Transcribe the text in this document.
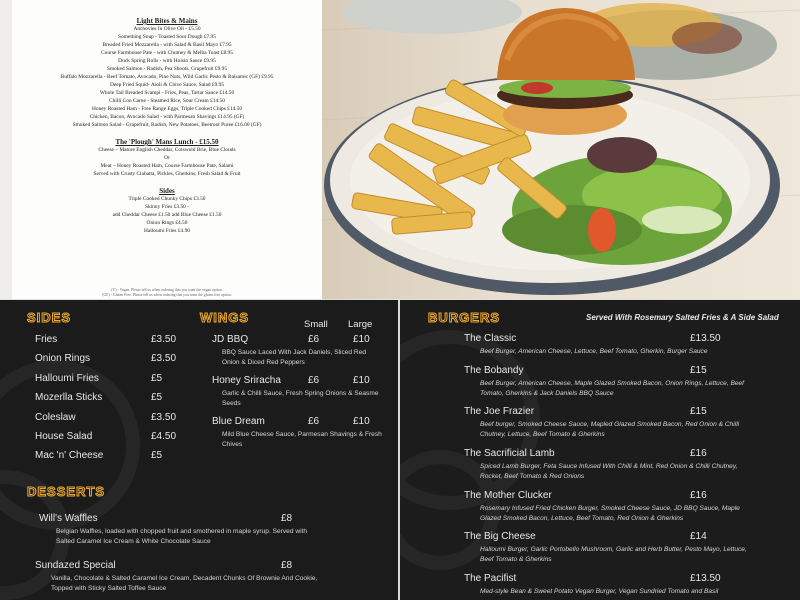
Light Bites & Mains
Anchovies In Olive Oil - £5.50
Something Soup - Toasted Sour Dough £7.95
Breaded Fried Mozzarella - with Salad & Basil Mayo £7.95
Course Farmhouse Pate - with Chutney & Melba Toast £8.95
Duck Spring Rolls - with Hoisin Sauce £9.95
Smoked Salmon - Radish, Pea Shoots, Grapefruit £9.95
Buffalo Mozzarella - Beef Tomato, Avocado, Pine Nuts, Wild Garlic Pesto & Balsamic (GF) £9.95
Deep Fried Squid- Aioli & Chive Sauce, Salad £9.95
Whole Tail Breaded Scampi - Fries, Peas, Tartar Sauce £14.50
Chilli Con Carne - Steamed Rice, Sour Cream £14.50
Honey Roasted Ham - Free Range Eggs, Triple Cooked Chips £14.50
Chicken, Bacon, Avocado Salad - with Parmesan Shavings £14.95 (GF)
Smoked Salmon Salad - Grapefruit, Radish, New Potatoes, Beetroot Puree £16.00 (GF)
The 'Plough' Mans Lunch - £15.50
Cheese – Mature English Cheddar, Cotswold Brie, Blue Clouds
Or
Meat – Honey Roasted Ham, Course Farmhouse Pate, Salami
Served with Crusty Ciabatta, Pickles, Gherkins, Fresh Salad & Fruit
Sides
Triple Cooked Chunky Chips £3.50
Skinny Fries £3.50 -
add Cheddar Cheese £1.50 add Blue Cheese £1.50
Onion Rings £4.50
Halloumi Fries £4.90
(V) - Vegan. Please tell us when ordering that you want the vegan option.
(GF) - Gluten Free. Please tell us when ordering that you want the gluten free option.
SIDES
Fries	£3.50
Onion Rings	£3.50
Halloumi Fries	£5
Mozerlla Sticks	£5
Coleslaw	£3.50
House Salad	£4.50
Mac 'n' Cheese	£5
WINGS	Small Large
JD BBQ	£6	£10
BBQ Sauce Laced With Jack Daniels, Sliced Red Onion & Diced Red Peppers
Honey Sriracha	£6	£10
Garlic & Chilli Sauce, Fresh Spring Onions & Seasme Seeds
Blue Dream	£6	£10
Mild Blue Cheese Sauce, Parmesan Shavings & Fresh Chives
DESSERTS
Will's Waffles	£8
Belgian Waffles, loaded with chopped fruit and smothered in maple syrup. Served with Salted Caramel Ice Cream & White Chocolate Sauce
Sundazed Special	£8
Vanilla, Chocolate & Salted Caramel Ice Cream, Decadent Chunks Of Brownie And Cookie, Topped with Sticky Salted Toffee Sauce
BURGERS	Served With Rosemary Salted Fries & A Side Salad
The Classic	£13.50
Beef Burger, American Cheese, Lettuce, Beef Tomato, Gherkin, Burger Sauce
The Bobandy	£15
Beef Burger, American Cheese, Maple Glazed Smoked Bacon, Onion Rings, Lettuce, Beef Tomato, Gherkins & Jack Daniels BBQ Sauce
The Joe Frazier	£15
Beef burger, Smoked Cheese Sauce, Mapled Glazed Smoked Bacon, Red Onion & Chilli Chutney, Lettuce, Beef Tomato & Gherkins
The Sacrificial Lamb	£16
Spiced Lamb Burger, Feta Sauce Infused With Chilli & Mint, Red Onion & Chilli Chutney, Rocket, Beef Tomato & Red Onions
The Mother Clucker	£16
Rosemary Infused Fried Chicken Burger, Smoked Cheese Sauce, JD BBQ Sauce, Maple Glazed Smoked Bacon, Lettuce, Beef Tomato, Red Onion & Gherkins
The Big Cheese	£14
Halloumi Burger, Garlic Portobello Mushroom, Garlic and Herb Butter, Pesto Mayo, Lettuce, Beef Tomato & Gherkins
The Pacifist	£13.50
Med-style Bean & Sweet Potato Vegan Burger, Vegan Sundried Tomato and Basil
